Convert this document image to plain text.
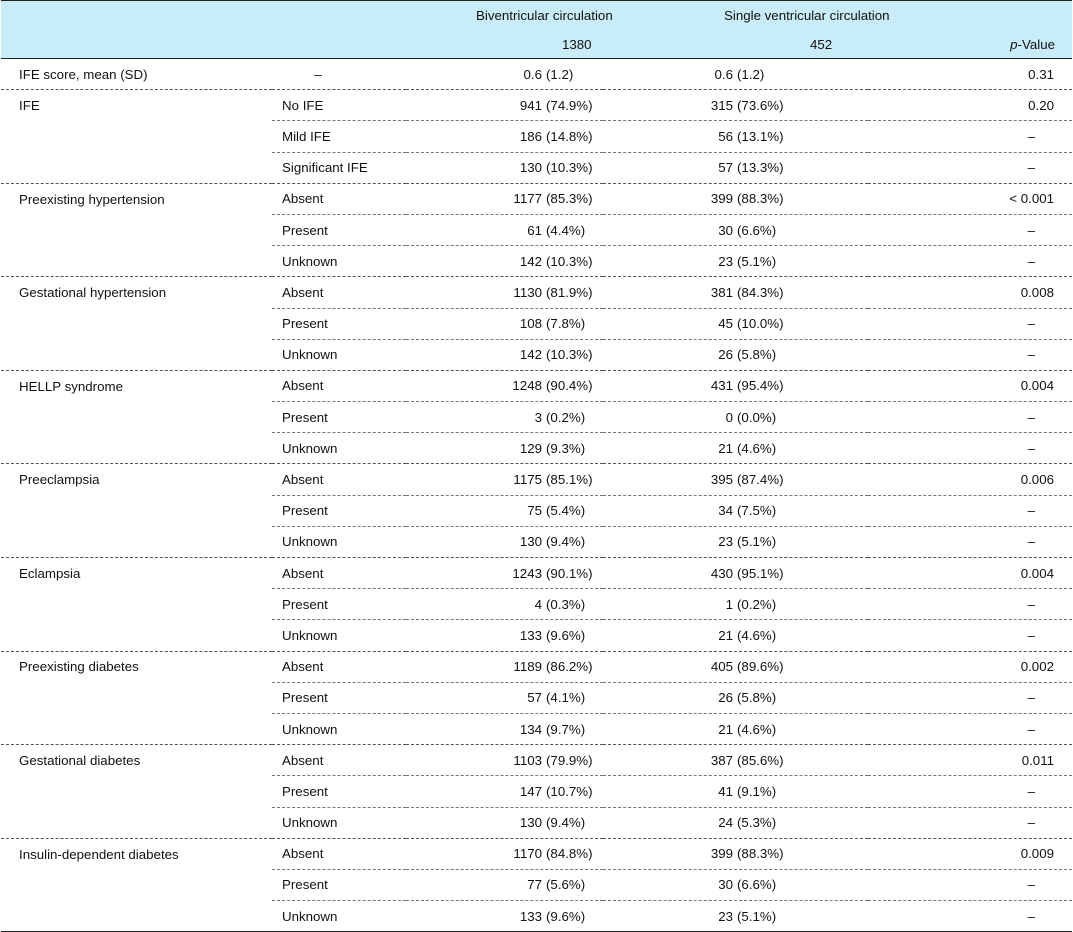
		Biventricular circulation	Single ventricular circulation	
		1380	452	p-Value
IFE score, mean (SD)	–	0.6 (1.2)	0.6 (1.2)	0.31
IFE	No IFE	941 (74.9%)	315 (73.6%)	0.20
	Mild IFE	186 (14.8%)	56 (13.1%)	–
	Significant IFE	130 (10.3%)	57 (13.3%)	–
Preexisting hypertension	Absent	1177 (85.3%)	399 (88.3%)	< 0.001
	Present	61 (4.4%)	30 (6.6%)	–
	Unknown	142 (10.3%)	23 (5.1%)	–
Gestational hypertension	Absent	1130 (81.9%)	381 (84.3%)	0.008
	Present	108 (7.8%)	45 (10.0%)	–
	Unknown	142 (10.3%)	26 (5.8%)	–
HELLP syndrome	Absent	1248 (90.4%)	431 (95.4%)	0.004
	Present	3 (0.2%)	0 (0.0%)	–
	Unknown	129 (9.3%)	21 (4.6%)	–
Preeclampsia	Absent	1175 (85.1%)	395 (87.4%)	0.006
	Present	75 (5.4%)	34 (7.5%)	–
	Unknown	130 (9.4%)	23 (5.1%)	–
Eclampsia	Absent	1243 (90.1%)	430 (95.1%)	0.004
	Present	4 (0.3%)	1 (0.2%)	–
	Unknown	133 (9.6%)	21 (4.6%)	–
Preexisting diabetes	Absent	1189 (86.2%)	405 (89.6%)	0.002
	Present	57 (4.1%)	26 (5.8%)	–
	Unknown	134 (9.7%)	21 (4.6%)	–
Gestational diabetes	Absent	1103 (79.9%)	387 (85.6%)	0.011
	Present	147 (10.7%)	41 (9.1%)	–
	Unknown	130 (9.4%)	24 (5.3%)	–
Insulin-dependent diabetes	Absent	1170 (84.8%)	399 (88.3%)	0.009
	Present	77 (5.6%)	30 (6.6%)	–
	Unknown	133 (9.6%)	23 (5.1%)	–
